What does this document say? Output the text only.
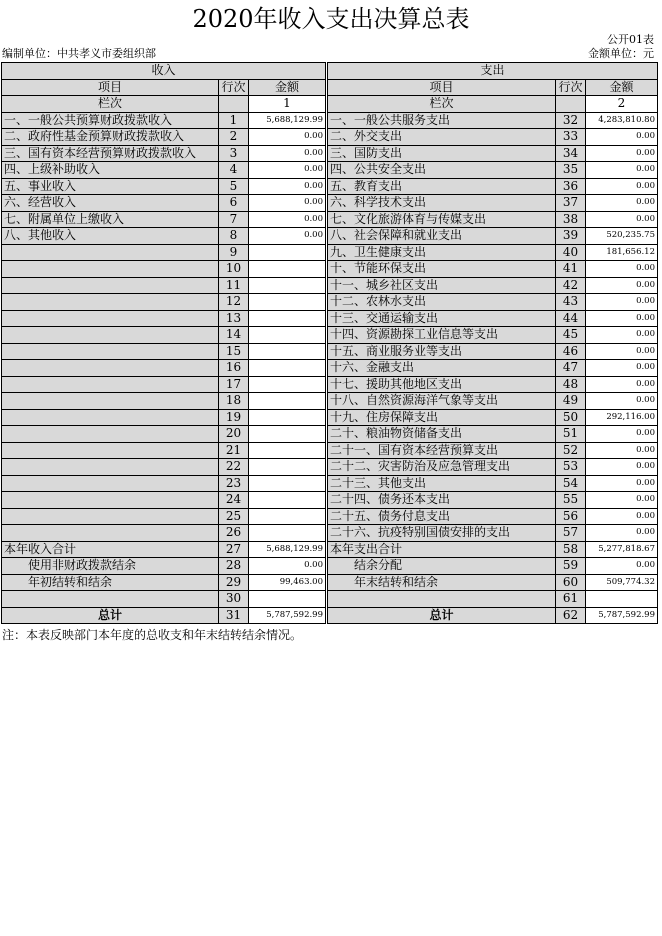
2020年收入支出决算总表
公开01表
编制单位：中共孝义市委组织部	金额单位：元
收入			支出		
项目	行次	金额	项目	行次	金额
栏次		1	栏次		2
一、一般公共预算财政拨款收入	1	5,688,129.99	一、一般公共服务支出	32	4,283,810.80
二、政府性基金预算财政拨款收入	2	0.00	二、外交支出	33	0.00
三、国有资本经营预算财政拨款收入	3	0.00	三、国防支出	34	0.00
四、上级补助收入	4	0.00	四、公共安全支出	35	0.00
五、事业收入	5	0.00	五、教育支出	36	0.00
六、经营收入	6	0.00	六、科学技术支出	37	0.00
七、附属单位上缴收入	7	0.00	七、文化旅游体育与传媒支出	38	0.00
八、其他收入	8	0.00	八、社会保障和就业支出	39	520,235.75
	9		九、卫生健康支出	40	181,656.12
	10		十、节能环保支出	41	0.00
	11		十一、城乡社区支出	42	0.00
	12		十二、农林水支出	43	0.00
	13		十三、交通运输支出	44	0.00
	14		十四、资源勘探工业信息等支出	45	0.00
	15		十五、商业服务业等支出	46	0.00
	16		十六、金融支出	47	0.00
	17		十七、援助其他地区支出	48	0.00
	18		十八、自然资源海洋气象等支出	49	0.00
	19		十九、住房保障支出	50	292,116.00
	20		二十、粮油物资储备支出	51	0.00
	21		二十一、国有资本经营预算支出	52	0.00
	22		二十二、灾害防治及应急管理支出	53	0.00
	23		二十三、其他支出	54	0.00
	24		二十四、债务还本支出	55	0.00
	25		二十五、债务付息支出	56	0.00
	26		二十六、抗疫特别国债安排的支出	57	0.00
本年收入合计	27	5,688,129.99	本年支出合计	58	5,277,818.67
使用非财政拨款结余	28	0.00	结余分配	59	0.00
年初结转和结余	29	99,463.00	年末结转和结余	60	509,774.32
	30			61	
总计	31	5,787,592.99	总计	62	5,787,592.99
注：本表反映部门本年度的总收支和年末结转结余情况。
